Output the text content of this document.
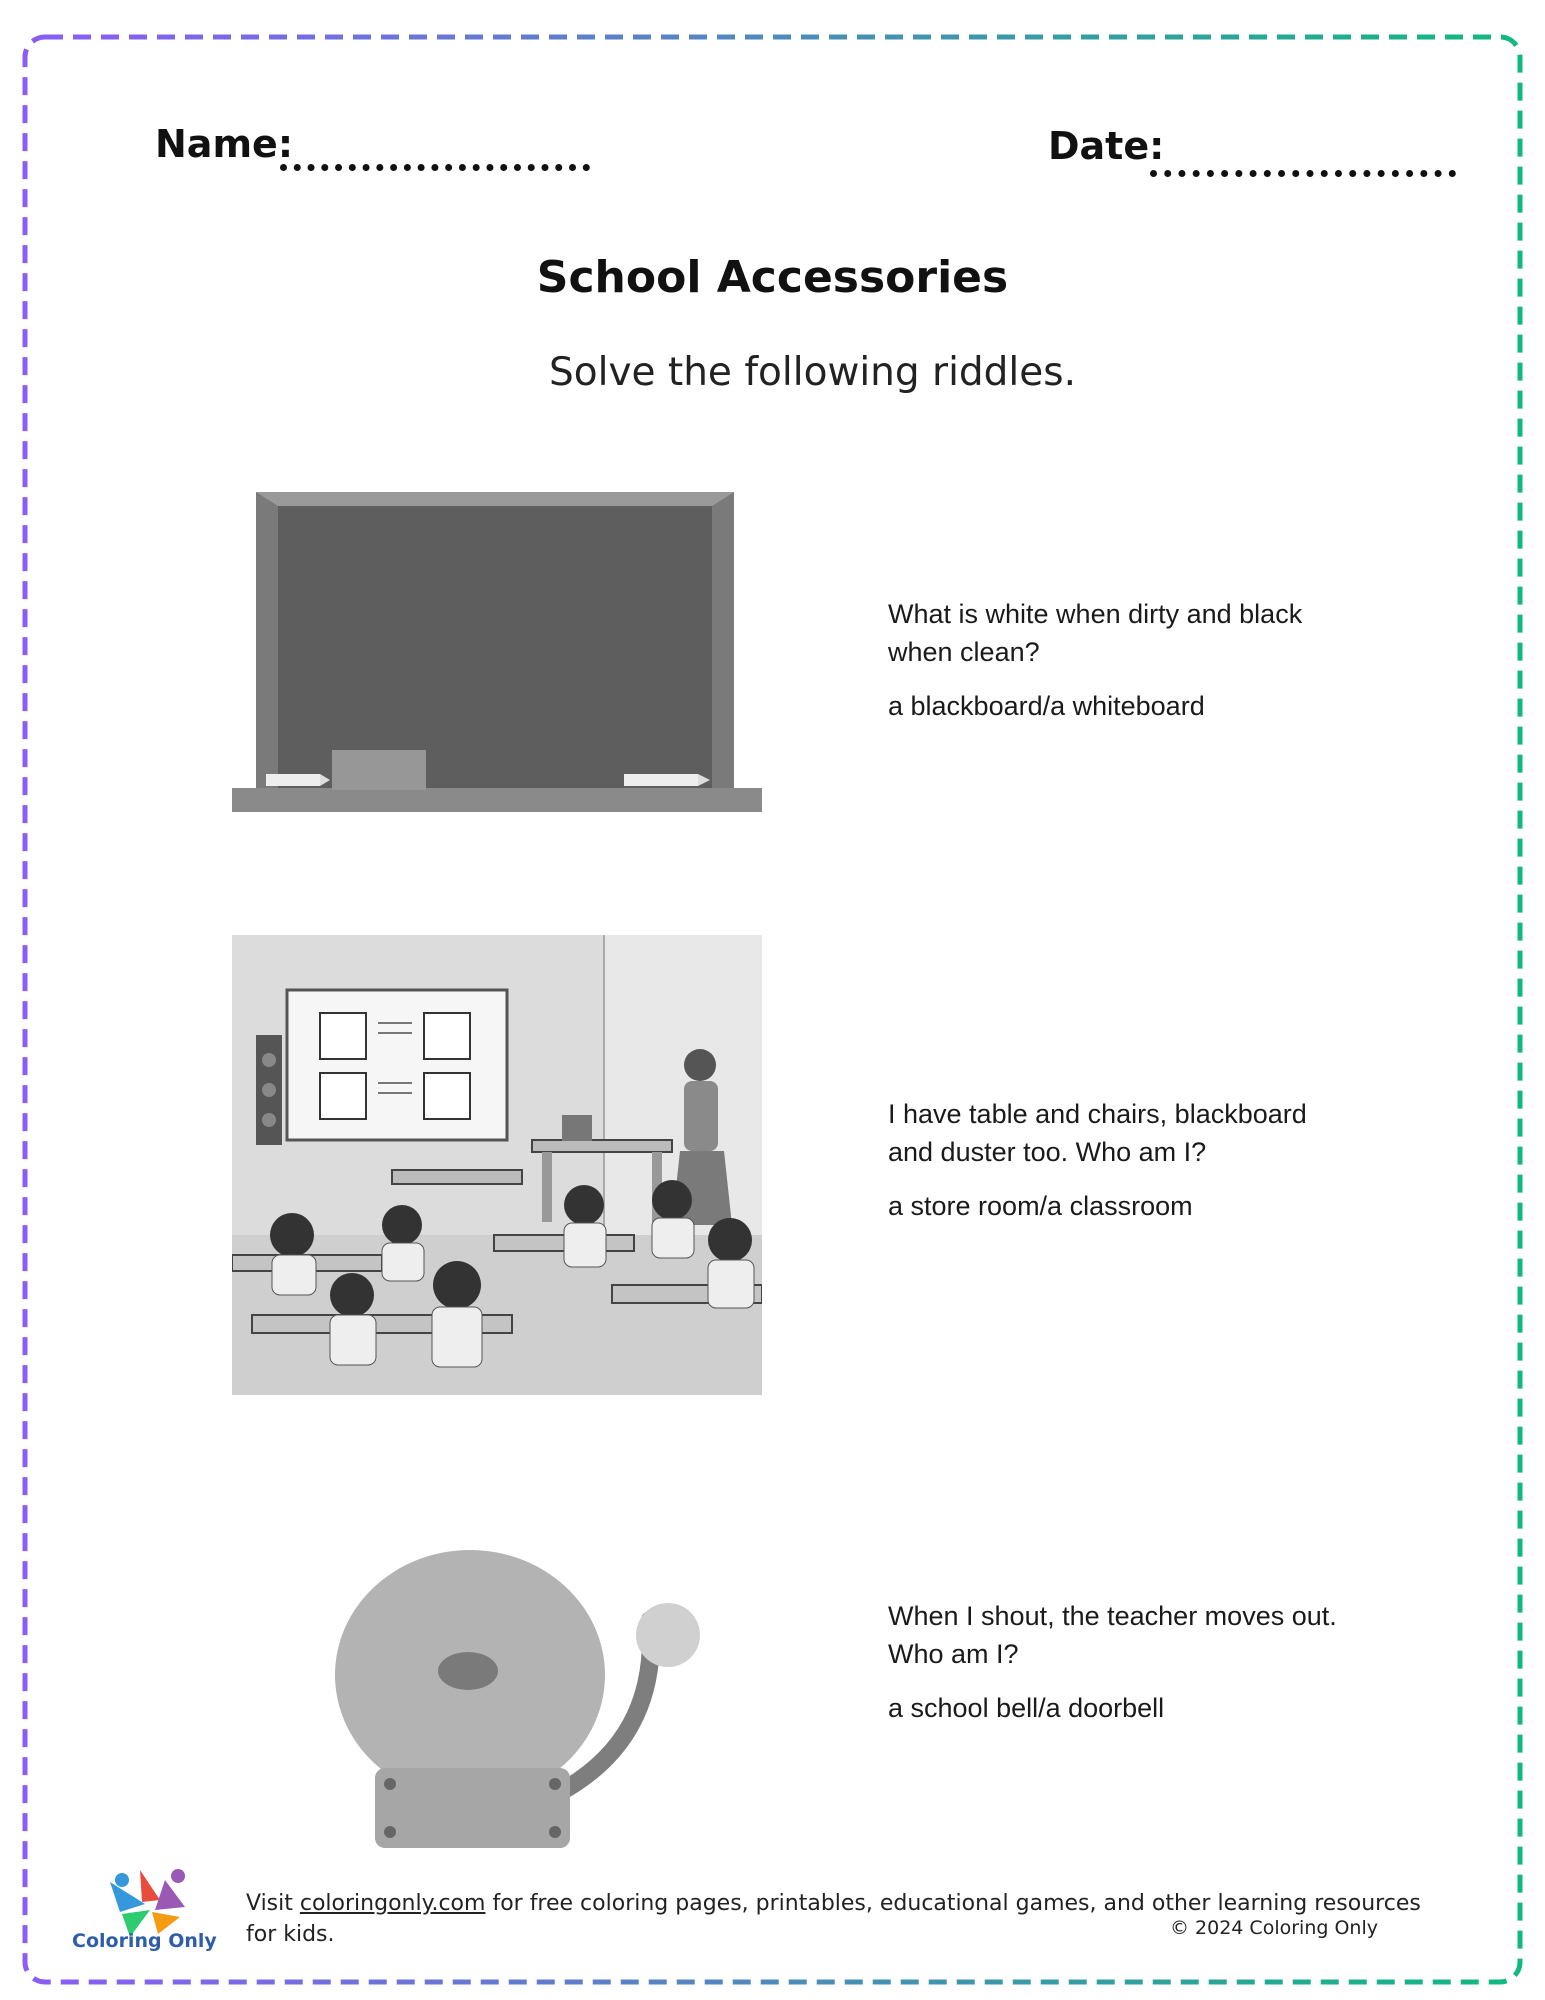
Name:	Date:
School Accessories
Solve the following riddles.

What is white when dirty and black when clean?

a blackboard/a whiteboard

I have table and chairs, blackboard and duster too. Who am I?

a store room/a classroom

When I shout, the teacher moves out. Who am I?

a school bell/a doorbell

Coloring Only
Visit coloringonly.com for free coloring pages, printables, educational games, and other learning resources for kids.	© 2024 Coloring Only
